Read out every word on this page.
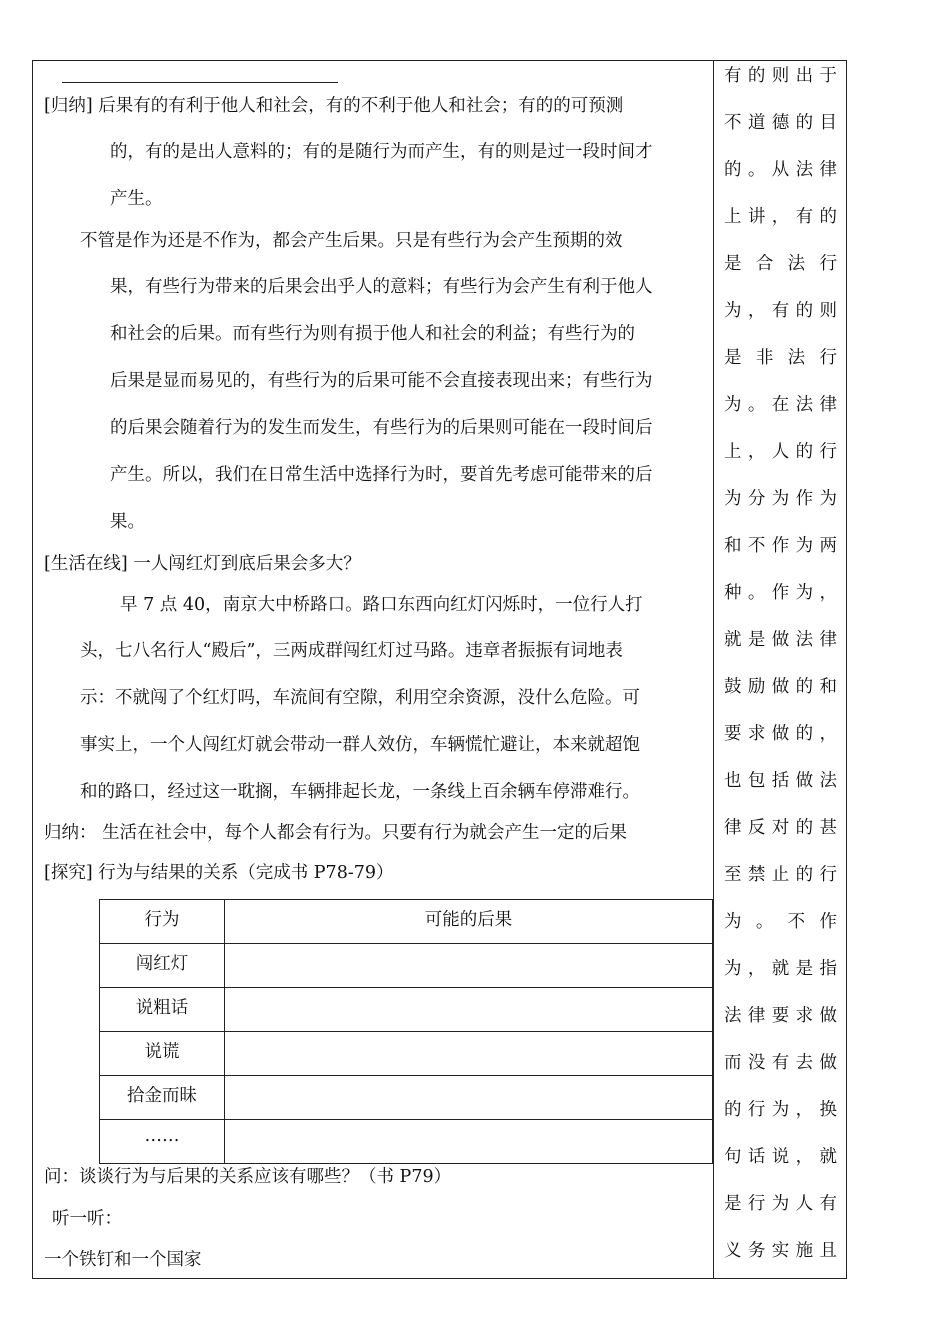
[归纳] 后果有的有利于他人和社会，有的不利于他人和社会；有的的可预测
的，有的是出人意料的；有的是随行为而产生，有的则是过一段时间才
产生。
不管是作为还是不作为，都会产生后果。只是有些行为会产生预期的效
果，有些行为带来的后果会出乎人的意料；有些行为会产生有利于他人
和社会的后果。而有些行为则有损于他人和社会的利益；有些行为的
后果是显而易见的，有些行为的后果可能不会直接表现出来；有些行为
的后果会随着行为的发生而发生，有些行为的后果则可能在一段时间后
产生。所以，我们在日常生活中选择行为时，要首先考虑可能带来的后
果。
[生活在线] 一人闯红灯到底后果会多大？
早 7 点 40，南京大中桥路口。路口东西向红灯闪烁时，一位行人打
头，七八名行人“殿后”，三两成群闯红灯过马路。违章者振振有词地表
示：不就闯了个红灯吗，车流间有空隙，利用空余资源，没什么危险。可
事实上，一个人闯红灯就会带动一群人效仿，车辆慌忙避让，本来就超饱
和的路口，经过这一耽搁，车辆排起长龙，一条线上百余辆车停滞难行。
归纳： 生活在社会中，每个人都会有行为。只要有行为就会产生一定的后果
[探究] 行为与结果的关系（完成书 P78-79）
问：谈谈行为与后果的关系应该有哪些？（书 P79）
听一听：
一个铁钉和一个国家
行为	可能的后果

闯红灯	

说粗话	

说谎	

拾金而昧	

……	

有的则出于
不道德的目
的。从法律
上讲，有的
是合法行
为，有的则
是非法行
为。在法律
上，人的行
为分为作为
和不作为两
种。作为，
就是做法律
鼓励做的和
要求做的，
也包括做法
律反对的甚
至禁止的行
为。不作
为，就是指
法律要求做
而没有去做
的行为，换
句话说，就
是行为人有
义务实施且
